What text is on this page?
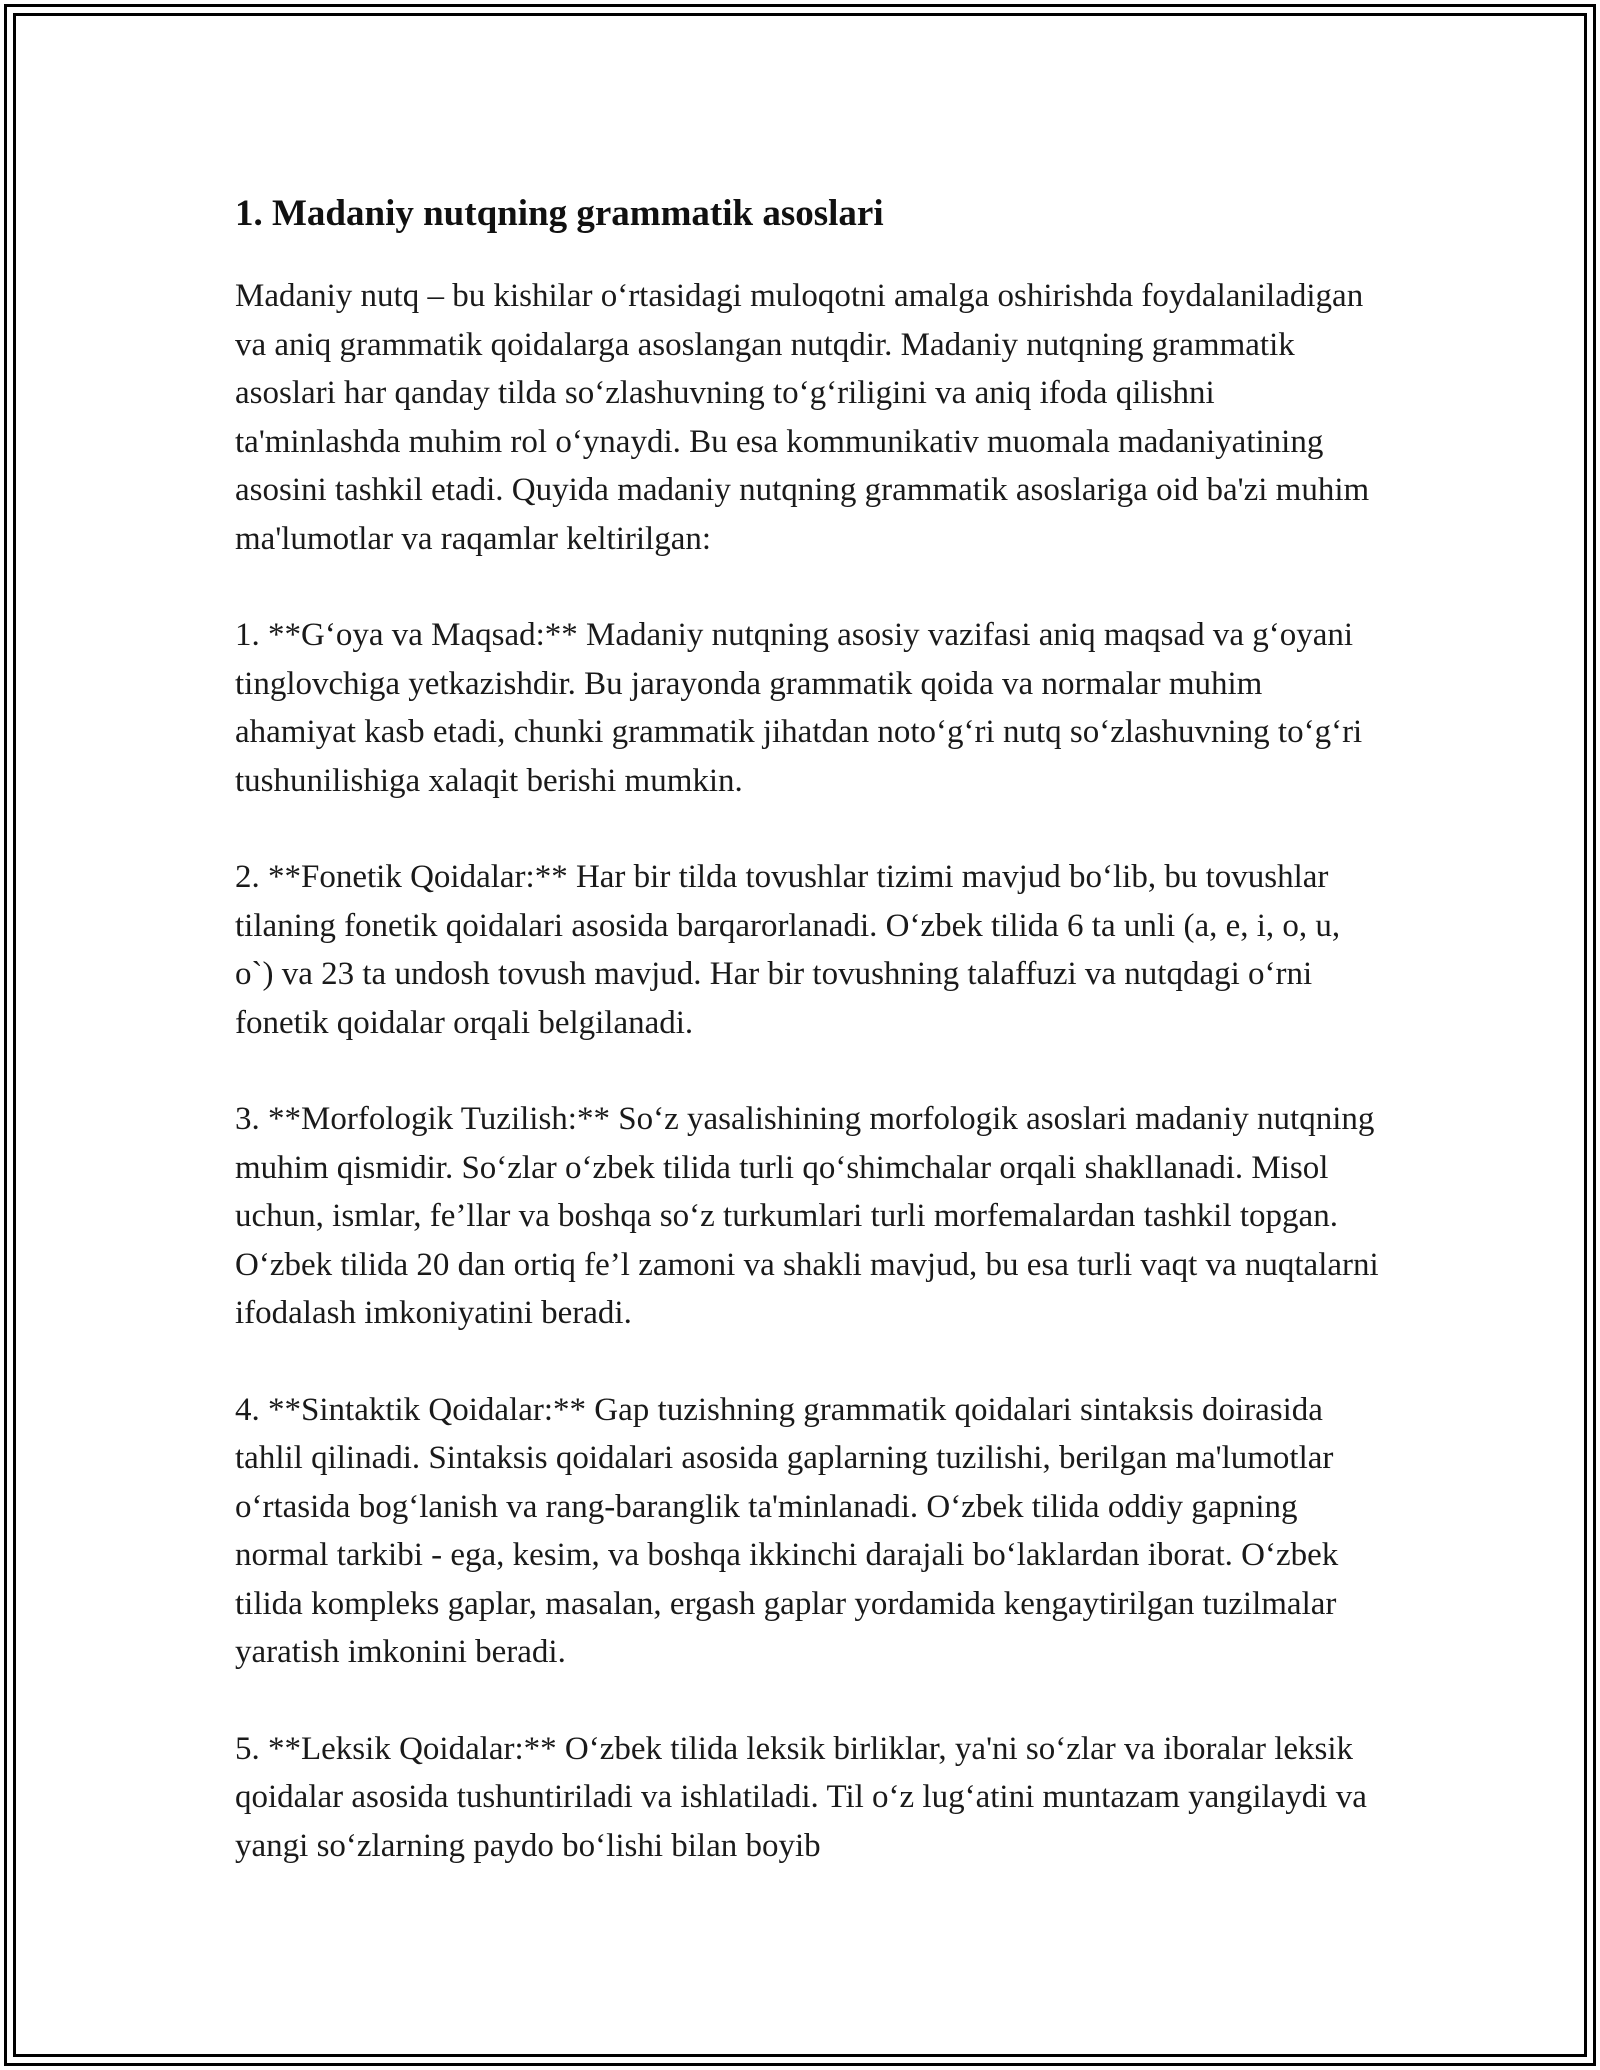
1. Madaniy nutqning grammatik asoslari

Madaniy nutq – bu kishilar o‘rtasidagi muloqotni amalga oshirishda foydalaniladigan va aniq grammatik qoidalarga asoslangan nutqdir. Madaniy nutqning grammatik asoslari har qanday tilda so‘zlashuvning to‘g‘riligini va aniq ifoda qilishni ta'minlashda muhim rol o‘ynaydi. Bu esa kommunikativ muomala madaniyatining asosini tashkil etadi. Quyida madaniy nutqning grammatik asoslariga oid ba'zi muhim ma'lumotlar va raqamlar keltirilgan:

1. **G‘oya va Maqsad:** Madaniy nutqning asosiy vazifasi aniq maqsad va g‘oyani tinglovchiga yetkazishdir. Bu jarayonda grammatik qoida va normalar muhim ahamiyat kasb etadi, chunki grammatik jihatdan noto‘g‘ri nutq so‘zlashuvning to‘g‘ri tushunilishiga xalaqit berishi mumkin.

2. **Fonetik Qoidalar:** Har bir tilda tovushlar tizimi mavjud bo‘lib, bu tovushlar tilaning fonetik qoidalari asosida barqarorlanadi. O‘zbek tilida 6 ta unli (a, e, i, o, u, o`) va 23 ta undosh tovush mavjud. Har bir tovushning talaffuzi va nutqdagi o‘rni fonetik qoidalar orqali belgilanadi.

3. **Morfologik Tuzilish:** So‘z yasalishining morfologik asoslari madaniy nutqning muhim qismidir. So‘zlar o‘zbek tilida turli qo‘shimchalar orqali shakllanadi. Misol uchun, ismlar, fe’llar va boshqa so‘z turkumlari turli morfemalardan tashkil topgan. O‘zbek tilida 20 dan ortiq fe’l zamoni va shakli mavjud, bu esa turli vaqt va nuqtalarni ifodalash imkoniyatini beradi.

4. **Sintaktik Qoidalar:** Gap tuzishning grammatik qoidalari sintaksis doirasida tahlil qilinadi. Sintaksis qoidalari asosida gaplarning tuzilishi, berilgan ma'lumotlar o‘rtasida bog‘lanish va rang-baranglik ta'minlanadi. O‘zbek tilida oddiy gapning normal tarkibi - ega, kesim, va boshqa ikkinchi darajali bo‘laklardan iborat. O‘zbek tilida kompleks gaplar, masalan, ergash gaplar yordamida kengaytirilgan tuzilmalar yaratish imkonini beradi.

5. **Leksik Qoidalar:** O‘zbek tilida leksik birliklar, ya'ni so‘zlar va iboralar leksik qoidalar asosida tushuntiriladi va ishlatiladi. Til o‘z lug‘atini muntazam yangilaydi va yangi so‘zlarning paydo bo‘lishi bilan boyib
